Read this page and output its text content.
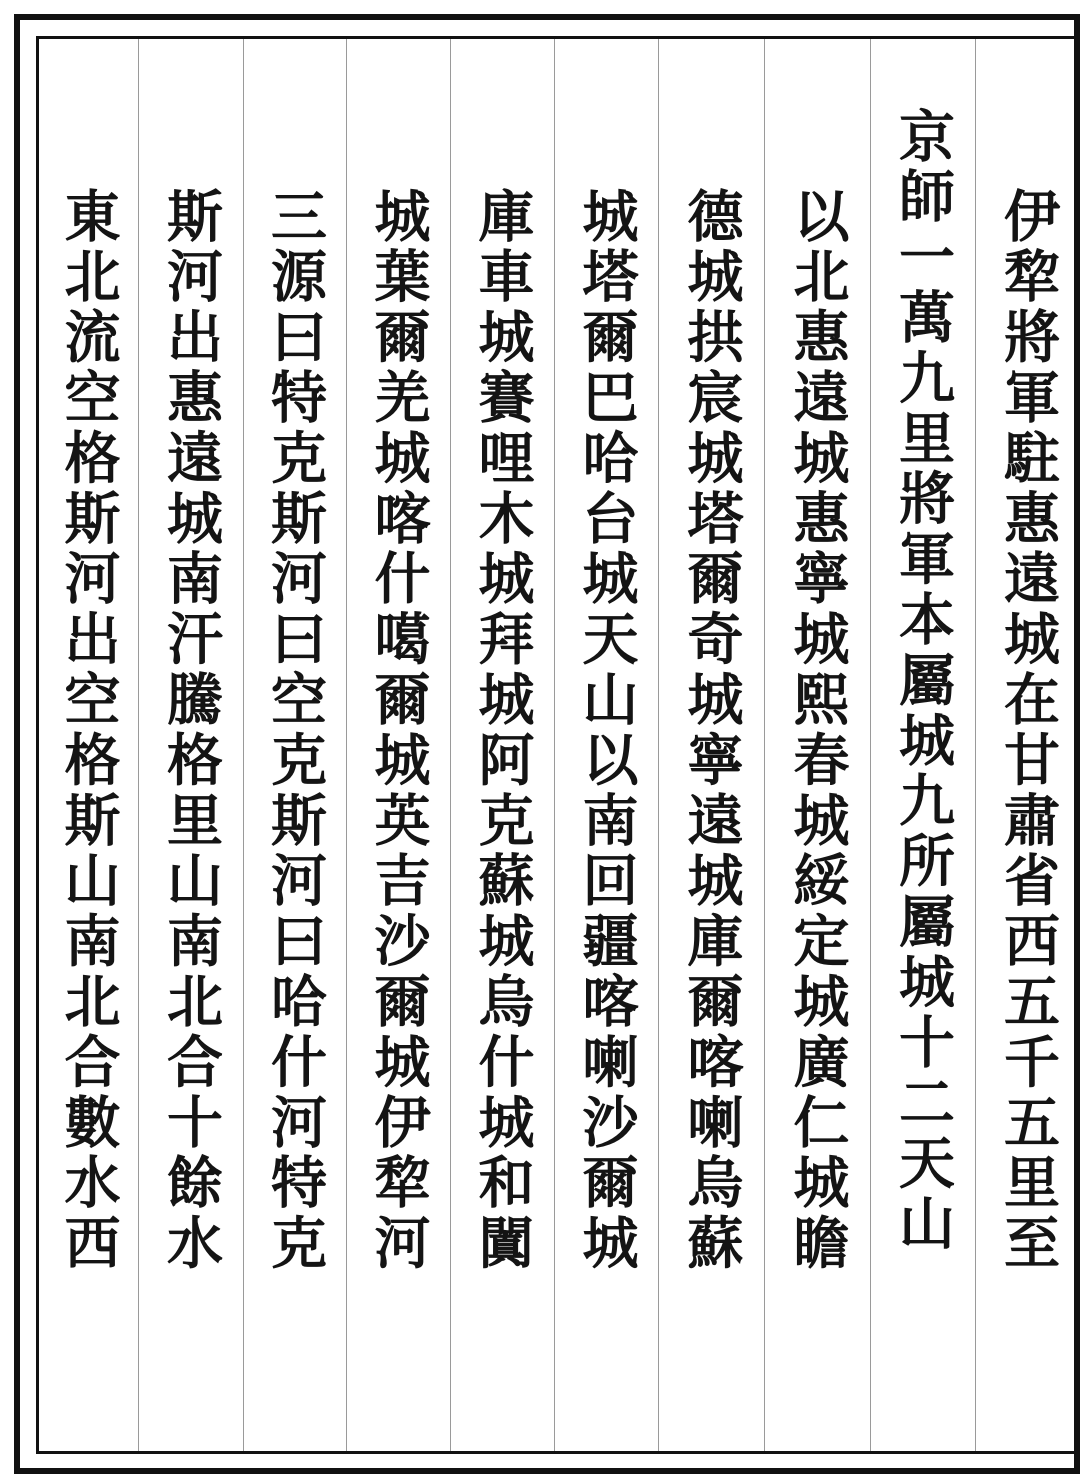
伊犂將軍駐惠遠城在甘肅省西五千五里至
京師一萬九里將軍本屬城九所屬城十二天山
以北惠遠城惠寧城熙春城綏定城廣仁城瞻
德城拱宸城塔爾奇城寧遠城庫爾喀喇烏蘇
城塔爾巴哈台城天山以南回疆喀喇沙爾城
庫車城賽哩木城拜城阿克蘇城烏什城和闐
城葉爾羌城喀什噶爾城英吉沙爾城伊犂河
三源曰特克斯河曰空克斯河曰哈什河特克
斯河出惠遠城南汗騰格里山南北合十餘水
東北流空格斯河出空格斯山南北合數水西
